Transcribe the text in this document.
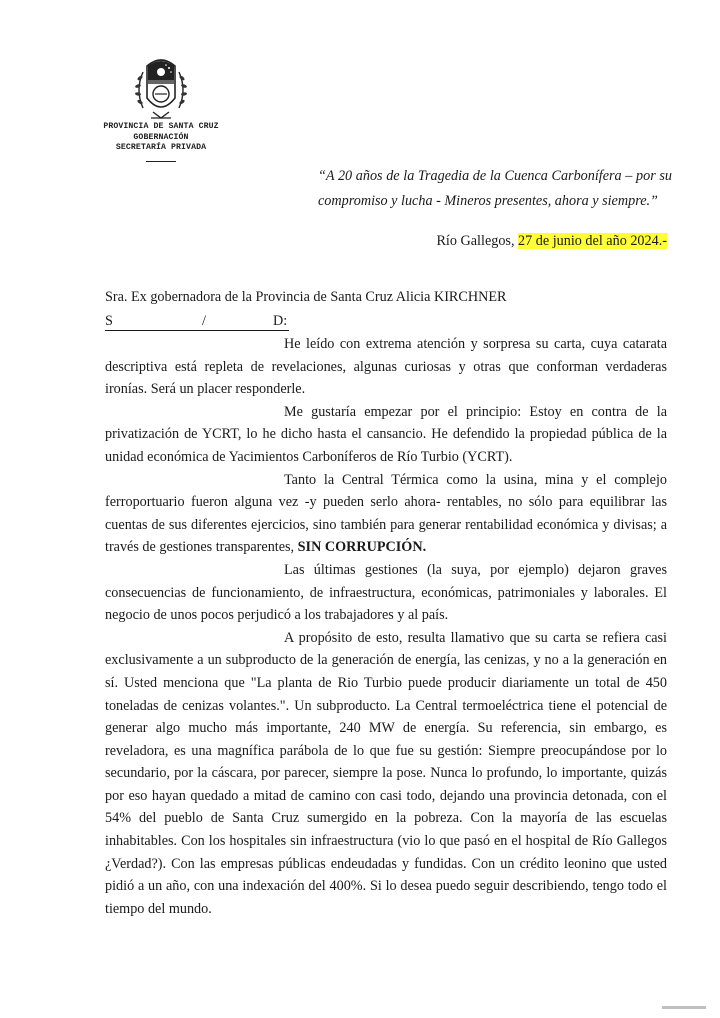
PROVINCIA DE SANTA CRUZ
GOBERNACIÓN
SECRETARÍA PRIVADA
“A 20 años de la Tragedia de la Cuenca Carbonífera – por su compromiso y lucha - Mineros presentes, ahora y siempre.”
Río Gallegos, 27 de junio del año 2024.-
Sra. Ex gobernadora de la Provincia de Santa Cruz Alicia KIRCHNER
S	/	D:

He leído con extrema atención y sorpresa su carta, cuya catarata descriptiva está repleta de revelaciones, algunas curiosas y otras que conforman verdaderas ironías. Será un placer responderle.

Me gustaría empezar por el principio: Estoy en contra de la privatización de YCRT, lo he dicho hasta el cansancio. He defendido la propiedad pública de la unidad económica de Yacimientos Carboníferos de Río Turbio (YCRT).

Tanto la Central Térmica como la usina, mina y el complejo ferroportuario fueron alguna vez -y pueden serlo ahora- rentables, no sólo para equilibrar las cuentas de sus diferentes ejercicios, sino también para generar rentabilidad económica y divisas; a través de gestiones transparentes, SIN CORRUPCIÓN.

Las últimas gestiones (la suya, por ejemplo) dejaron graves consecuencias de funcionamiento, de infraestructura, económicas, patrimoniales y laborales. El negocio de unos pocos perjudicó a los trabajadores y al país.

A propósito de esto, resulta llamativo que su carta se refiera casi exclusivamente a un subproducto de la generación de energía, las cenizas, y no a la generación en sí. Usted menciona que "La planta de Rio Turbio puede producir diariamente un total de 450 toneladas de cenizas volantes.". Un subproducto. La Central termoeléctrica tiene el potencial de generar algo mucho más importante, 240 MW de energía. Su referencia, sin embargo, es reveladora, es una magnífica parábola de lo que fue su gestión: Siempre preocupándose por lo secundario, por la cáscara, por parecer, siempre la pose. Nunca lo profundo, lo importante, quizás por eso hayan quedado a mitad de camino con casi todo, dejando una provincia detonada, con el 54% del pueblo de Santa Cruz sumergido en la pobreza. Con la mayoría de las escuelas inhabitables. Con los hospitales sin infraestructura (vio lo que pasó en el hospital de Río Gallegos ¿Verdad?). Con las empresas públicas endeudadas y fundidas. Con un crédito leonino que usted pidió a un año, con una indexación del 400%. Si lo desea puedo seguir describiendo, tengo todo el tiempo del mundo.
